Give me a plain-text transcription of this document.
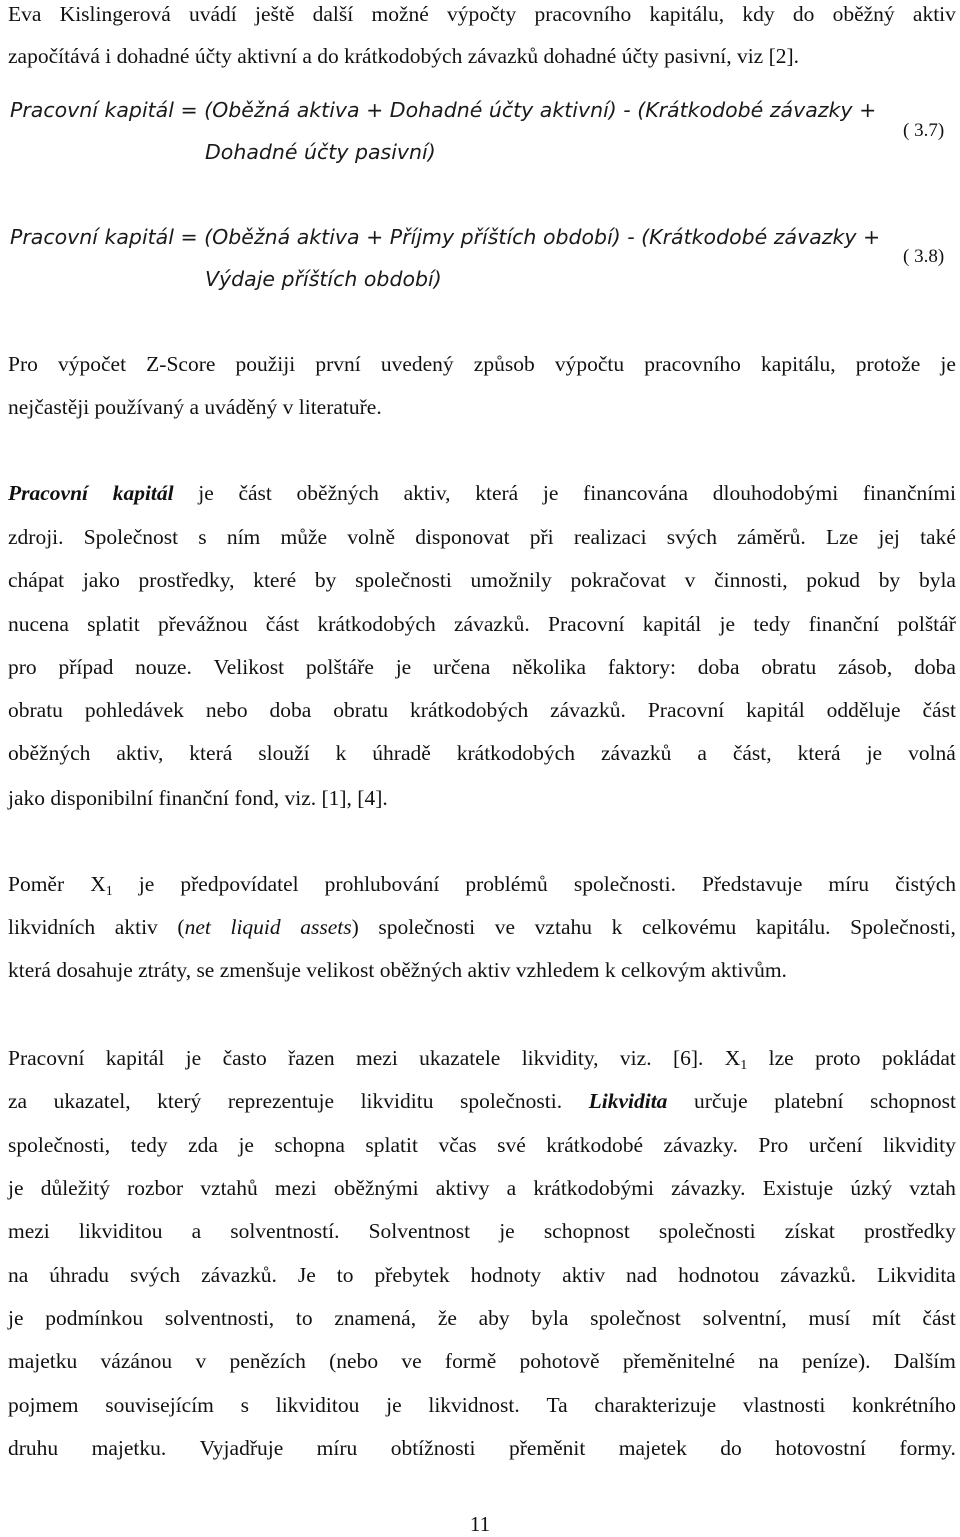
Eva Kislingerová uvádí ještě další možné výpočty pracovního kapitálu, kdy do oběžný aktiv

započítává i dohadné účty aktivní a do krátkodobých závazků dohadné účty pasivní, viz [2].

Pracovní kapitál = (Oběžná aktiva + Dohadné účty aktivní) - (Krátkodobé závazky +

Dohadné účty pasivní)

( 3.7)

Pracovní kapitál = (Oběžná aktiva + Příjmy příštích období) - (Krátkodobé závazky +

Výdaje příštích období)

( 3.8)

Pro výpočet Z-Score použiji první uvedený způsob výpočtu pracovního kapitálu, protože je

nejčastěji používaný a uváděný v literatuře.

Pracovní kapitál je část oběžných aktiv, která je financována dlouhodobými finančními

zdroji. Společnost s ním může volně disponovat při realizaci svých záměrů. Lze jej také

chápat jako prostředky, které by společnosti umožnily pokračovat v činnosti, pokud by byla

nucena splatit převážnou část krátkodobých závazků. Pracovní kapitál je tedy finanční polštář

pro případ nouze. Velikost polštáře je určena několika faktory: doba obratu zásob, doba

obratu pohledávek nebo doba obratu krátkodobých závazků. Pracovní kapitál odděluje část

oběžných aktiv, která slouží k úhradě krátkodobých závazků a část, která je volná

jako disponibilní finanční fond, viz. [1], [4].

Poměr $X_1$ je předpovídatel prohlubování problémů společnosti. Představuje míru čistých

likvidních aktiv (net liquid assets) společnosti ve vztahu k celkovému kapitálu. Společnosti,

která dosahuje ztráty, se zmenšuje velikost oběžných aktiv vzhledem k celkovým aktivům.

Pracovní kapitál je často řazen mezi ukazatele likvidity, viz. [6]. $X_1$ lze proto pokládat

za ukazatel, který reprezentuje likviditu společnosti. Likvidita určuje platební schopnost

společnosti, tedy zda je schopna splatit včas své krátkodobé závazky. Pro určení likvidity

je důležitý rozbor vztahů mezi oběžnými aktivy a krátkodobými závazky. Existuje úzký vztah

mezi likviditou a solventností. Solventnost je schopnost společnosti získat prostředky

na úhradu svých závazků. Je to přebytek hodnoty aktiv nad hodnotou závazků. Likvidita

je podmínkou solventnosti, to znamená, že aby byla společnost solventní, musí mít část

majetku vázánou v penězích (nebo ve formě pohotově přeměnitelné na peníze). Dalším

pojmem souvisejícím s likviditou je likvidnost. Ta charakterizuje vlastnosti konkrétního

druhu majetku. Vyjadřuje míru obtížnosti přeměnit majetek do hotovostní formy.

11
